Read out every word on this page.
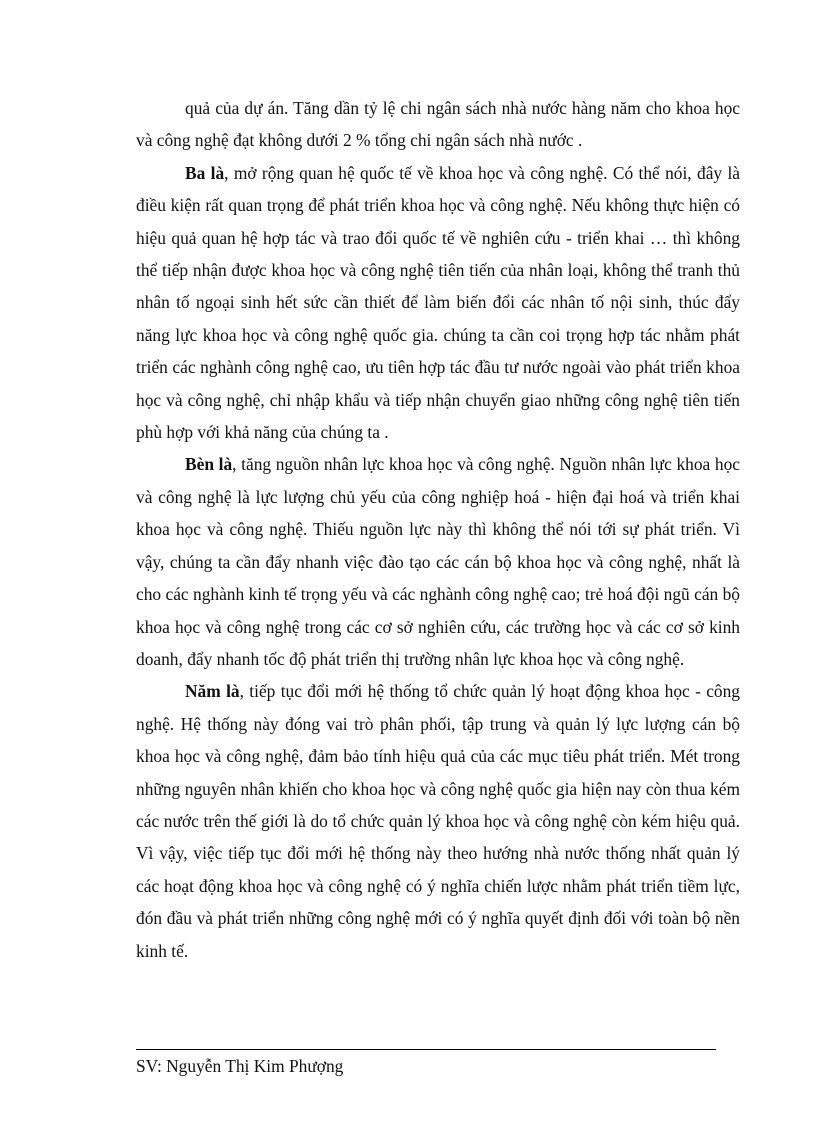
quả của dự án. Tăng dần tỷ lệ chi ngân sách nhà nước hàng năm cho khoa học và công nghệ đạt không dưới 2 % tổng chi ngân sách nhà nước .

Ba là, mở rộng quan hệ quốc tế về khoa học và công nghệ. Có thể nói, đây là điều kiện rất quan trọng để phát triển khoa học và công nghệ. Nếu không thực hiện có hiệu quả quan hệ hợp tác và trao đổi quốc tế về nghiên cứu - triển khai … thì không thể tiếp nhận được khoa học và công nghệ tiên tiến của nhân loại, không thể tranh thủ nhân tố ngoại sinh hết sức cần thiết để làm biến đổi các nhân tố nội sinh, thúc đẩy năng lực khoa học và công nghệ quốc gia. chúng ta cần coi trọng hợp tác nhằm phát triển các nghành công nghệ cao, ưu tiên hợp tác đầu tư nước ngoài vào phát triển khoa học và công nghệ, chỉ nhập khẩu và tiếp nhận chuyển giao những công nghệ tiên tiến phù hợp với khả năng của chúng ta .

Bèn là, tăng nguồn nhân lực khoa học và công nghệ. Nguồn nhân lực khoa học và công nghệ là lực lượng chủ yếu của công nghiệp hoá - hiện đại hoá và triển khai khoa học và công nghệ. Thiếu nguồn lực này thì không thể nói tới sự phát triển. Vì vậy, chúng ta cần đẩy nhanh việc đào tạo các cán bộ khoa học và công nghệ, nhất là cho các nghành kinh tế trọng yếu và các nghành công nghệ cao; trẻ hoá đội ngũ cán bộ khoa học và công nghệ trong các cơ sở nghiên cứu, các trường học và các cơ sở kinh doanh, đẩy nhanh tốc độ phát triển thị trường nhân lực khoa học và công nghệ.

Năm là, tiếp tục đổi mới hệ thống tổ chức quản lý hoạt động khoa học - công nghệ. Hệ thống này đóng vai trò phân phối, tập trung và quản lý lực lượng cán bộ khoa học và công nghệ, đảm bảo tính hiệu quả của các mục tiêu phát triển. Mét trong những nguyên nhân khiến cho khoa học và công nghệ quốc gia hiện nay còn thua kém các nước trên thế giới là do tổ chức quản lý khoa học và công nghệ còn kém hiệu quả. Vì vậy, việc tiếp tục đổi mới hệ thống này theo hướng nhà nước thống nhất quản lý các hoạt động khoa học và công nghệ có ý nghĩa chiến lược nhằm phát triển tiềm lực, đón đầu và phát triển những công nghệ mới có ý nghĩa quyết định đối với toàn bộ nền kinh tế.

SV: Nguyễn Thị Kim Phượng
